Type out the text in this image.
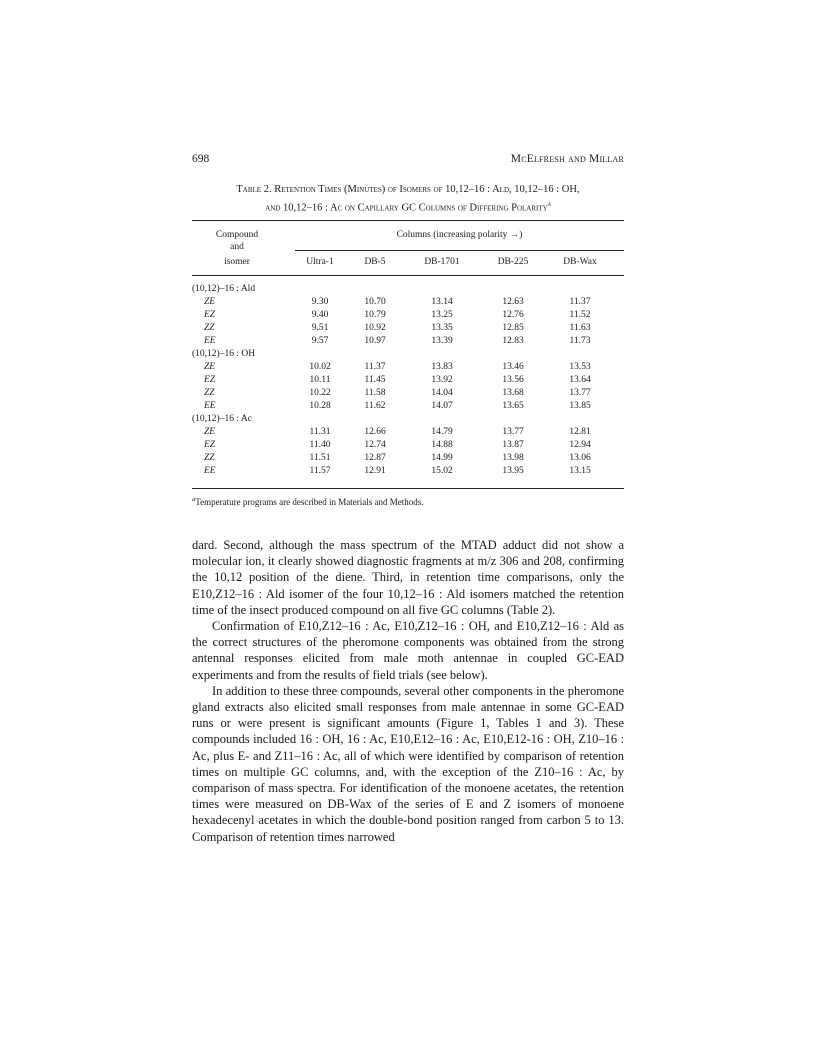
698	McElfresh and Millar
Table 2. Retention Times (Minutes) of Isomers of 10,12–16 : Ald, 10,12–16 : OH,
and 10,12–16 : Ac on Capillary GC Columns of Differing Polarity$^a$
Compound
and
isomer
Columns (increasing polarity →)
Ultra-1	DB-5	DB-1701	DB-225	DB-Wax
(10,12)–16 : Ald
ZE	9.30	10.70	13.14	12.63	11.37
EZ	9.40	10.79	13.25	12.76	11.52
ZZ	9.51	10.92	13.35	12.85	11.63
EE	9.57	10.97	13.39	12.83	11.73
(10,12)–16 : OH
ZE	10.02	11.37	13.83	13.46	13.53
EZ	10.11	11.45	13.92	13.56	13.64
ZZ	10.22	11.58	14.04	13.68	13.77
EE	10.28	11.62	14.07	13.65	13.85
(10,12)–16 : Ac
ZE	11.31	12.66	14.79	13.77	12.81
EZ	11.40	12.74	14.88	13.87	12.94
ZZ	11.51	12.87	14.99	13.98	13.06
EE	11.57	12.91	15.02	13.95	13.15
$^a$Temperature programs are described in Materials and Methods.

dard. Second, although the mass spectrum of the MTAD adduct did not show a molecular ion, it clearly showed diagnostic fragments at m/z 306 and 208, confirming the 10,12 position of the diene. Third, in retention time comparisons, only the E10,Z12–16 : Ald isomer of the four 10,12–16 : Ald isomers matched the retention time of the insect produced compound on all five GC columns (Table 2).

Confirmation of E10,Z12–16 : Ac, E10,Z12–16 : OH, and E10,Z12–16 : Ald as the correct structures of the pheromone components was obtained from the strong antennal responses elicited from male moth antennae in coupled GC-EAD experiments and from the results of field trials (see below).

In addition to these three compounds, several other components in the pheromone gland extracts also elicited small responses from male antennae in some GC-EAD runs or were present is significant amounts (Figure 1, Tables 1 and 3). These compounds included 16 : OH, 16 : Ac, E10,E12–16 : Ac, E10,E12-16 : OH, Z10–16 : Ac, plus E- and Z11–16 : Ac, all of which were identified by comparison of retention times on multiple GC columns, and, with the exception of the Z10–16 : Ac, by comparison of mass spectra. For identification of the monoene acetates, the retention times were measured on DB-Wax of the series of E and Z isomers of monoene hexadecenyl acetates in which the double-bond position ranged from carbon 5 to 13. Comparison of retention times narrowed
